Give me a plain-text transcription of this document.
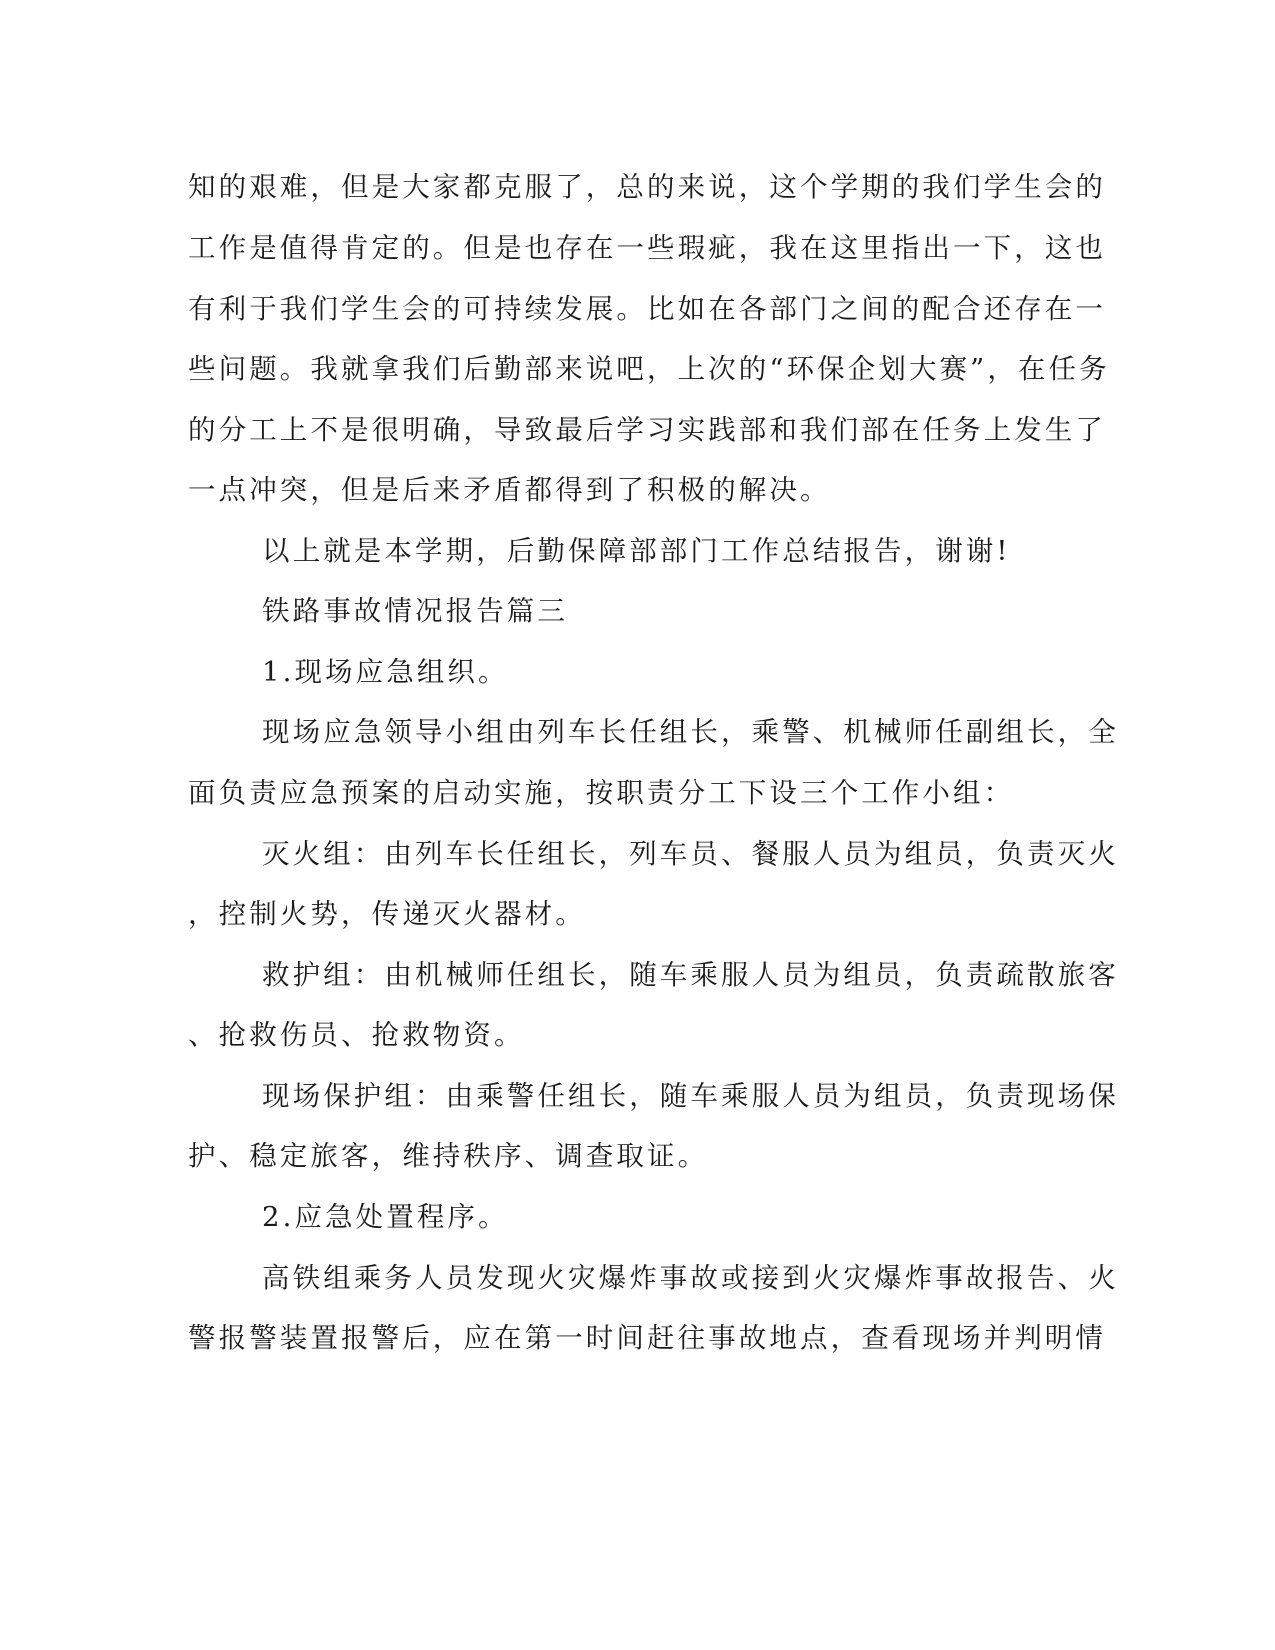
知的艰难，但是大家都克服了，总的来说，这个学期的我们学生会的
工作是值得肯定的。但是也存在一些瑕疵，我在这里指出一下，这也
有利于我们学生会的可持续发展。比如在各部门之间的配合还存在一
些问题。我就拿我们后勤部来说吧，上次的“环保企划大赛”，在任务
的分工上不是很明确，导致最后学习实践部和我们部在任务上发生了
一点冲突，但是后来矛盾都得到了积极的解决。
以上就是本学期，后勤保障部部门工作总结报告，谢谢!
铁路事故情况报告篇三
1.现场应急组织。
现场应急领导小组由列车长任组长，乘警、机械师任副组长，全
面负责应急预案的启动实施，按职责分工下设三个工作小组：
灭火组：由列车长任组长，列车员、餐服人员为组员，负责灭火
，控制火势，传递灭火器材。
救护组：由机械师任组长，随车乘服人员为组员，负责疏散旅客
、抢救伤员、抢救物资。
现场保护组：由乘警任组长，随车乘服人员为组员，负责现场保
护、稳定旅客，维持秩序、调查取证。
2.应急处置程序。
高铁组乘务人员发现火灾爆炸事故或接到火灾爆炸事故报告、火
警报警装置报警后，应在第一时间赶往事故地点，查看现场并判明情
